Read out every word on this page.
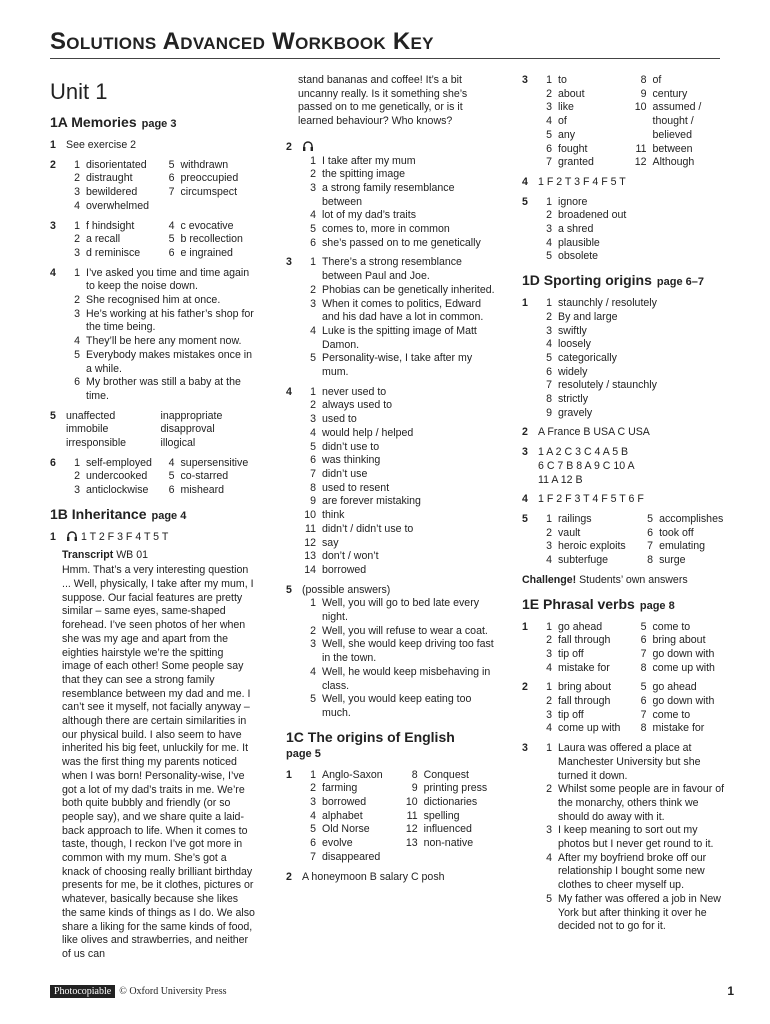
Solutions Advanced Workbook Key
Unit 1
1A Memories page 3
1 See exercise 2
2	1 disorientated
2 distraught
3 bewildered
4 overwhelmed
5 withdrawn
6 preoccupied
7 circumspect
3	1 f hindsight
2 a recall
3 d reminisce
4 c evocative
5 b recollection
6 e ingrained
4	1 I’ve asked you time and time again to keep the noise down.
2 She recognised him at once.
3 He’s working at his father’s shop for the time being.
4 They’ll be here any moment now.
5 Everybody makes mistakes once in a while.
6 My brother was still a baby at the time.
5 unaffected
immobile
irresponsible
inappropriate
disapproval
illogical
6	1 self-employed
2 undercooked
3 anticlockwise
4 supersensitive
5 co-starred
6 misheard
1B Inheritance page 4
1 1 T 2 F 3 F 4 T 5 T
Transcript WB 01
Hmm. That’s a very interesting question ... Well, physically, I take after my mum, I suppose. Our facial features are pretty similar – same eyes, same-shaped forehead. I’ve seen photos of her when she was my age and apart from the eighties hairstyle we’re the spitting image of each other! Some people say that they can see a strong family resemblance between my dad and me. I can’t see it myself, not facially anyway – although there are certain similarities in our physical build. I also seem to have inherited his big feet, unluckily for me. It was the first thing my parents noticed when I was born! Personality-wise, I’ve got a lot of my dad’s traits in me. We’re both quite bubbly and friendly (or so people say), and we share quite a laid-back approach to life. When it comes to taste, though, I reckon I’ve got more in common with my mum. She’s got a knack of choosing really brilliant birthday presents for me, be it clothes, pictures or whatever, basically because she likes the same kinds of things as I do. We also share a liking for the same kinds of food, like olives and strawberries, and neither of us can
stand bananas and coffee! It’s a bit uncanny really. Is it something she’s passed on to me genetically, or is it learned behaviour? Who knows?
2
1 I take after my mum
2 the spitting image
3 a strong family resemblance between
4 lot of my dad’s traits
5 comes to, more in common
6 she’s passed on to me genetically
3	1 There’s a strong resemblance between Paul and Joe.
2 Phobias can be genetically inherited.
3 When it comes to politics, Edward and his dad have a lot in common.
4 Luke is the spitting image of Matt Damon.
5 Personality-wise, I take after my mum.
4	1 never used to
2 always used to
3 used to
4 would help / helped
5 didn’t use to
6 was thinking
7 didn’t use
8 used to resent
9 are forever mistaking
10 think
11 didn’t / didn’t use to
12 say
13 don’t / won’t
14 borrowed
5 (possible answers)
1 Well, you will go to bed late every night.
2 Well, you will refuse to wear a coat.
3 Well, she would keep driving too fast in the town.
4 Well, he would keep misbehaving in class.
5 Well, you would keep eating too much.
1C The origins of English
page 5
1	1 Anglo-Saxon
2 farming
3 borrowed
4 alphabet
5 Old Norse
6 evolve
7 disappeared
8 Conquest
9 printing press
10 dictionaries
11 spelling
12 influenced
13 non-native
2 A honeymoon B salary C posh
3	1 to
2 about
3 like
4 of
5 any
6 fought
7 granted
8 of
9 century
10 assumed / thought / believed
11 between
12 Although
4 1 F 2 T 3 F 4 F 5 T
5	1 ignore
2 broadened out
3 a shred
4 plausible
5 obsolete
1D Sporting origins page 6–7
1	1 staunchly / resolutely
2 By and large
3 swiftly
4 loosely
5 categorically
6 widely
7 resolutely / staunchly
8 strictly
9 gravely
2 A France B USA C USA
3 1 A 2 C 3 C 4 A 5 B
6 C 7 B 8 A 9 C 10 A
11 A 12 B
4 1 F 2 F 3 T 4 F 5 T 6 F
5	1 railings
2 vault
3 heroic exploits
4 subterfuge
5 accomplishes
6 took off
7 emulating
8 surge
Challenge! Students’ own answers
1E Phrasal verbs page 8
1	1 go ahead
2 fall through
3 tip off
4 mistake for
5 come to
6 bring about
7 go down with
8 come up with
2	1 bring about
2 fall through
3 tip off
4 come up with
5 go ahead
6 go down with
7 come to
8 mistake for
3	1 Laura was offered a place at Manchester University but she turned it down.
2 Whilst some people are in favour of the monarchy, others think we should do away with it.
3 I keep meaning to sort out my photos but I never get round to it.
4 After my boyfriend broke off our relationship I bought some new clothes to cheer myself up.
5 My father was offered a job in New York but after thinking it over he decided not to go for it.
Photocopiable © Oxford University Press	1
